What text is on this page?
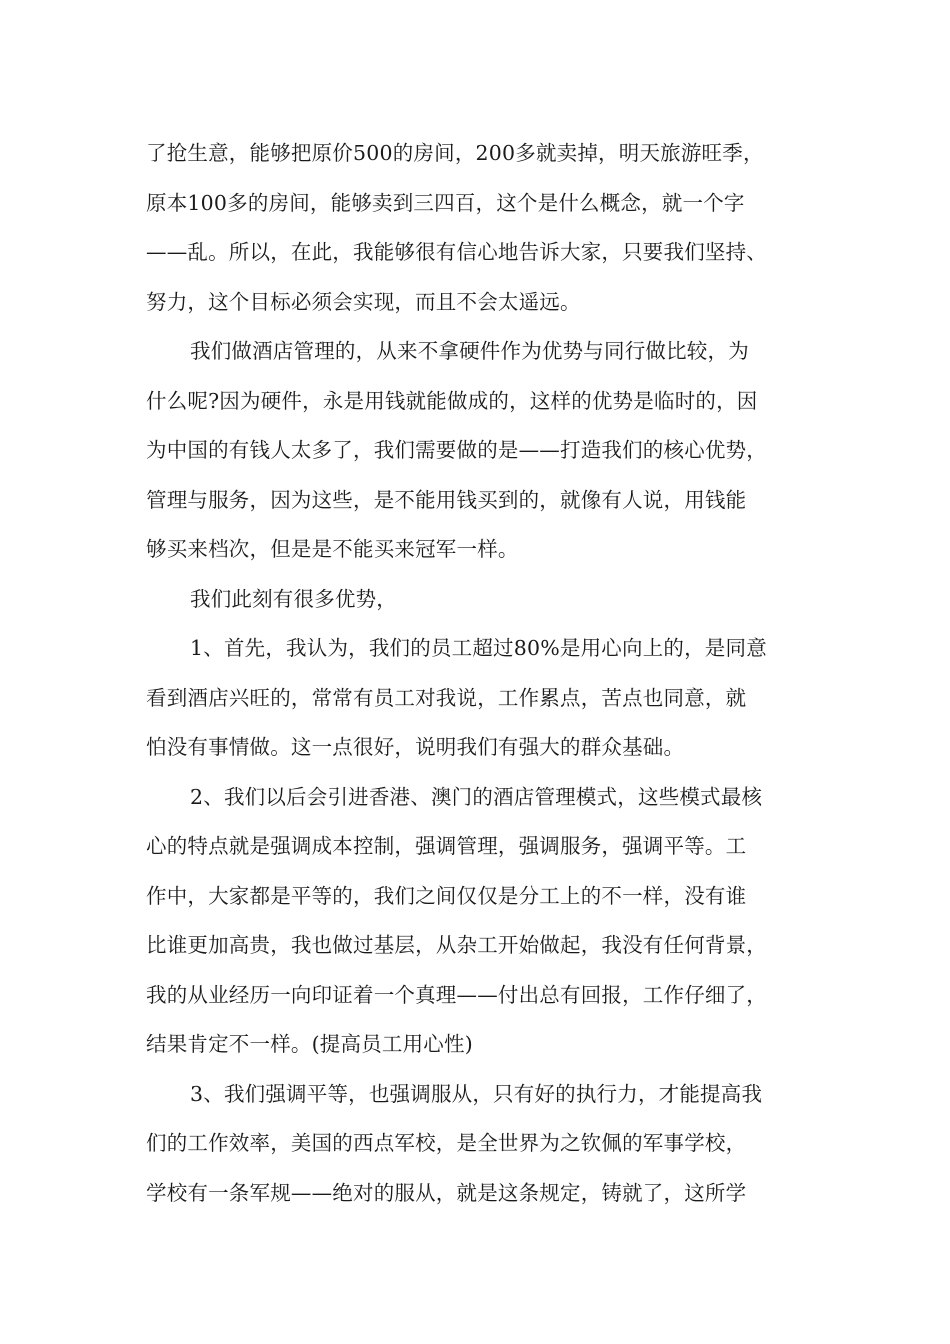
了抢生意，能够把原价500的房间，200多就卖掉，明天旅游旺季，
原本100多的房间，能够卖到三四百，这个是什么概念，就一个字
——乱。所以，在此，我能够很有信心地告诉大家，只要我们坚持、
努力，这个目标必须会实现，而且不会太遥远。
我们做酒店管理的，从来不拿硬件作为优势与同行做比较，为
什么呢?因为硬件，永是用钱就能做成的，这样的优势是临时的，因
为中国的有钱人太多了，我们需要做的是——打造我们的核心优势，
管理与服务，因为这些，是不能用钱买到的，就像有人说，用钱能
够买来档次，但是是不能买来冠军一样。
我们此刻有很多优势，
1、首先，我认为，我们的员工超过80%是用心向上的，是同意
看到酒店兴旺的，常常有员工对我说，工作累点，苦点也同意，就
怕没有事情做。这一点很好，说明我们有强大的群众基础。
2、我们以后会引进香港、澳门的酒店管理模式，这些模式最核
心的特点就是强调成本控制，强调管理，强调服务，强调平等。工
作中，大家都是平等的，我们之间仅仅是分工上的不一样，没有谁
比谁更加高贵，我也做过基层，从杂工开始做起，我没有任何背景，
我的从业经历一向印证着一个真理——付出总有回报，工作仔细了，
结果肯定不一样。(提高员工用心性)
3、我们强调平等，也强调服从，只有好的执行力，才能提高我
们的工作效率，美国的西点军校，是全世界为之钦佩的军事学校，
学校有一条军规——绝对的服从，就是这条规定，铸就了，这所学
